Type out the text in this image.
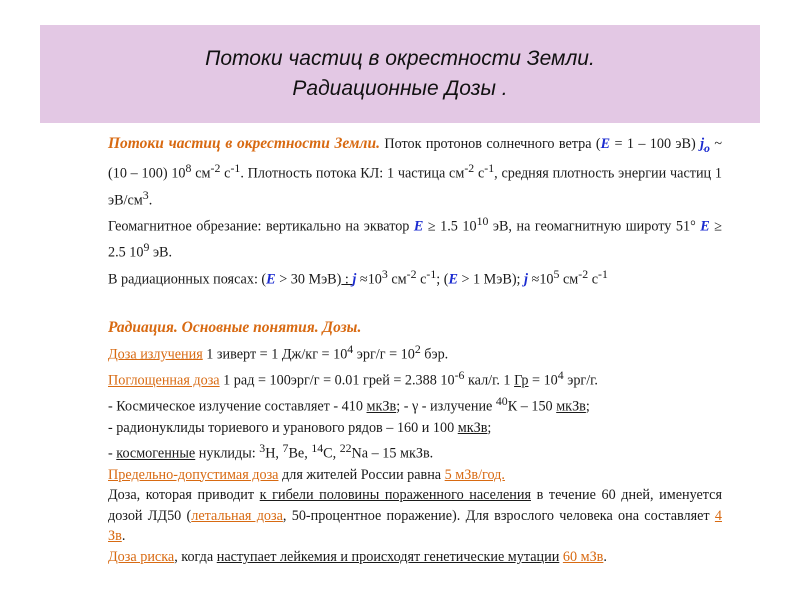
Потоки частиц в окрестности Земли.
Радиационные Дозы .
Потоки частиц в окрестности Земли. Поток протонов солнечного ветра (E = 1 – 100 эВ) $j_o$ ~ (10 – 100) $10^8$ $см^{-2}$ $с^{-1}$. Плотность потока КЛ: 1 частица $см^{-2}$ $с^{-1}$, средняя плотность энергии частиц 1 $эВ/см^3$.
Геомагнитное обрезание: вертикально на экватор E ≥ 1.5 $10^{10}$ эВ, на геомагнитную широту 51° E ≥ 2.5 $10^9$ эВ.
В радиационных поясах: (E > 30 МэВ) : $j \approx 10^3$ $см^{-2}$ $с^{-1}$; (E > 1 МэВ); $j \approx 10^5$ $см^{-2}$ $с^{-1}$
Радиация. Основные понятия. Дозы.
Доза излучения 1 зиверт = 1 $Дж/кг = 10^4$ $эрг/г = 10^2$ бэр.
Поглощенная доза 1 рад = 100эрг/г = 0.01 грей = 2.388 $10^{-6}$ кал/г. 1 Гр = $10^4$ эрг/г.
- Космическое излучение составляет - 410 мкЗв; - γ - излучение $^{40}$К – 150 мкЗв;
- радионуклиды ториевого и уранового рядов – 160 и 100 мкЗв;
- космогенные нуклиды: $^3$Н, $^7$Ве, $^{14}$С, $^{22}$Na – 15 мкЗв.
Предельно-допустимая доза для жителей России равна 5 мЗв/год.
Доза, которая приводит к гибели половины пораженного населения в течение 60 дней, именуется дозой ЛД50 (летальная доза, 50-процентное поражение). Для взрослого человека она составляет 4 Зв.
Доза риска, когда наступает лейкемия и происходят генетические мутации 60 мЗв.
